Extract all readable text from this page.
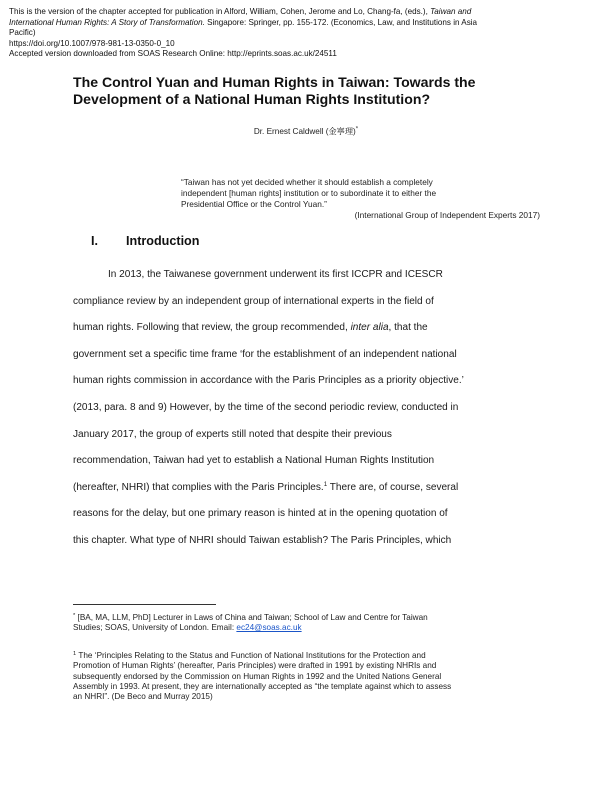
This is the version of the chapter accepted for publication in Alford, William, Cohen, Jerome and Lo, Chang-fa, (eds.), Taiwan and
International Human Rights: A Story of Transformation. Singapore: Springer, pp. 155-172. (Economics, Law, and Institutions in Asia
Pacific)
https://doi.org/10.1007/978-981-13-0350-0_10
Accepted version downloaded from SOAS Research Online: http://eprints.soas.ac.uk/24511
The Control Yuan and Human Rights in Taiwan: Towards the
Development of a National Human Rights Institution?
Dr. Ernest Caldwell (金寧理)*
“Taiwan has not yet decided whether it should establish a completely
independent [human rights] institution or to subordinate it to either the
Presidential Office or the Control Yuan.”
(International Group of Independent Experts 2017)
I. Introduction
In 2013, the Taiwanese government underwent its first ICCPR and ICESCR
compliance review by an independent group of international experts in the field of
human rights. Following that review, the group recommended, inter alia, that the
government set a specific time frame ‘for the establishment of an independent national
human rights commission in accordance with the Paris Principles as a priority objective.’
(2013, para. 8 and 9) However, by the time of the second periodic review, conducted in
January 2017, the group of experts still noted that despite their previous
recommendation, Taiwan had yet to establish a National Human Rights Institution
(hereafter, NHRI) that complies with the Paris Principles.$^1$ There are, of course, several
reasons for the delay, but one primary reason is hinted at in the opening quotation of
this chapter. What type of NHRI should Taiwan establish? The Paris Principles, which
* [BA, MA, LLM, PhD] Lecturer in Laws of China and Taiwan; School of Law and Centre for Taiwan
Studies; SOAS, University of London. Email: ec24@soas.ac.uk
$^1$ The ‘Principles Relating to the Status and Function of National Institutions for the Protection and
Promotion of Human Rights’ (hereafter, Paris Principles) were drafted in 1991 by existing NHRIs and
subsequently endorsed by the Commission on Human Rights in 1992 and the United Nations General
Assembly in 1993. At present, they are internationally accepted as “the template against which to assess
an NHRI”. (De Beco and Murray 2015)
